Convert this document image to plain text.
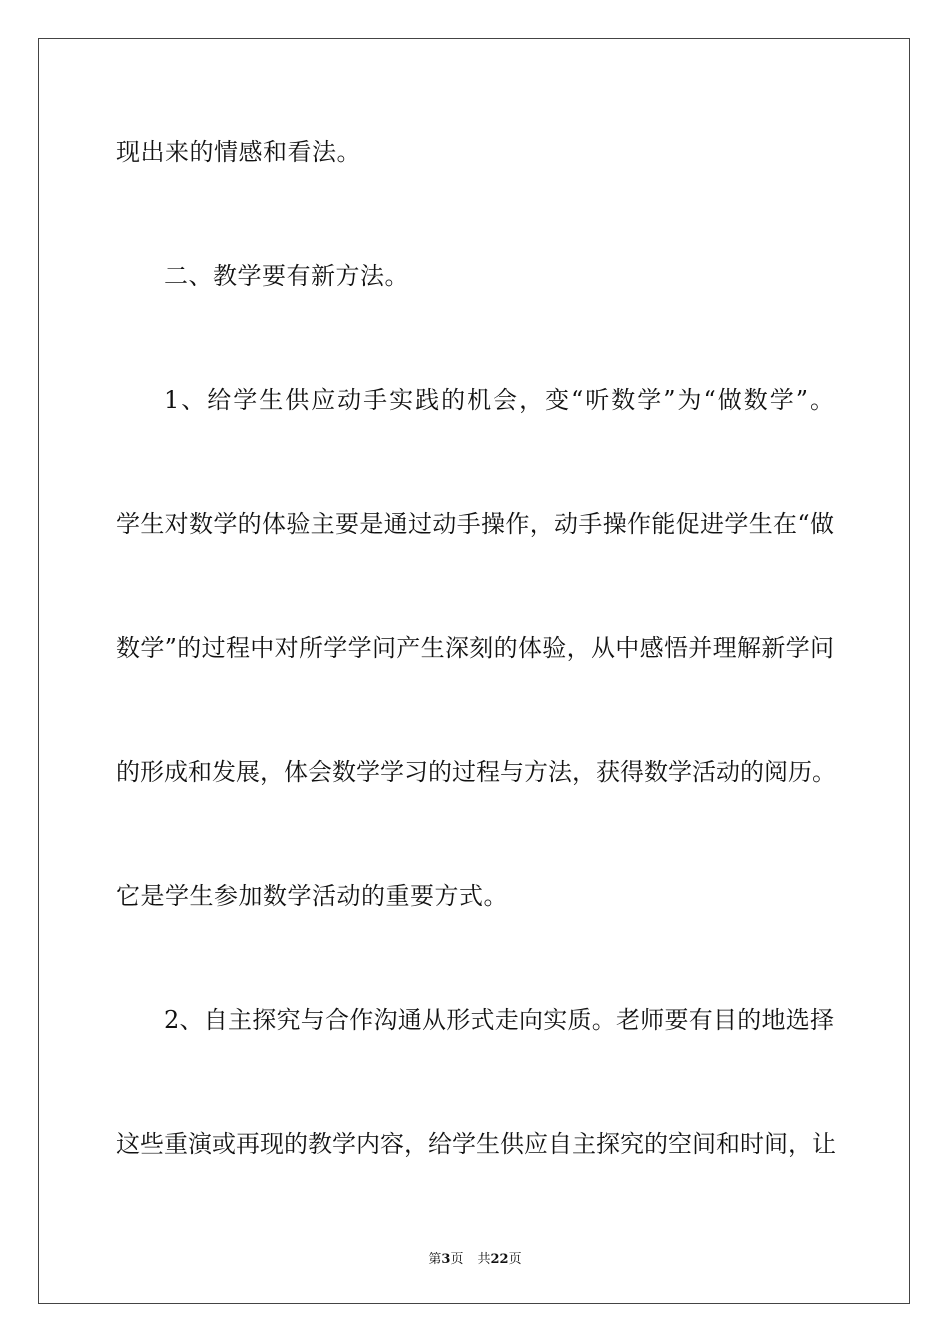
现出来的情感和看法。
二、教学要有新方法。
1、给学生供应动手实践的机会，变“听数学”为“做数学”。
学生对数学的体验主要是通过动手操作，动手操作能促进学生在“做
数学”的过程中对所学学问产生深刻的体验，从中感悟并理解新学问
的形成和发展，体会数学学习的过程与方法，获得数学活动的阅历。
它是学生参加数学活动的重要方式。
2、自主探究与合作沟通从形式走向实质。老师要有目的地选择
这些重演或再现的教学内容，给学生供应自主探究的空间和时间，让
第3页 共22页
